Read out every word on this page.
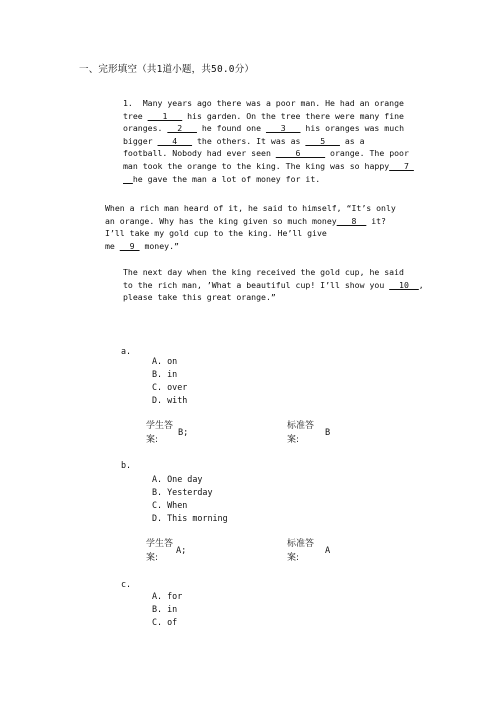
一、完形填空（共1道小题，共50.0分）
1.  Many years ago there was a poor man. He had an orange
tree ___1___ his garden. On the tree there were many fine
oranges. __2___ he found one ___3___ his oranges was much
bigger ___4___ the others. It was as ___5___ as a
football. Nobody had ever seen ____6_____ orange. The poor
man took the orange to the king. The king was so happy___7_
__he gave the man a lot of money for it.
When a rich man heard of it, he said to himself, “It’s only
an orange. Why has the king given so much money___8__ it?
I’ll take my gold cup to the king. He’ll give
me __9_ money.”
The next day when the king received the gold cup, he said
to the rich man, ’What a beautiful cup! I’ll show you __10__,
please take this great orange.”
a.
A. on
B. in
C. over
D. with
学生答
案:
B;
标准答
案:
B
b.
A. One day
B. Yesterday
C. When
D. This morning
学生答
案:
A;
标准答
案:
A
c.
A. for
B. in
C. of
